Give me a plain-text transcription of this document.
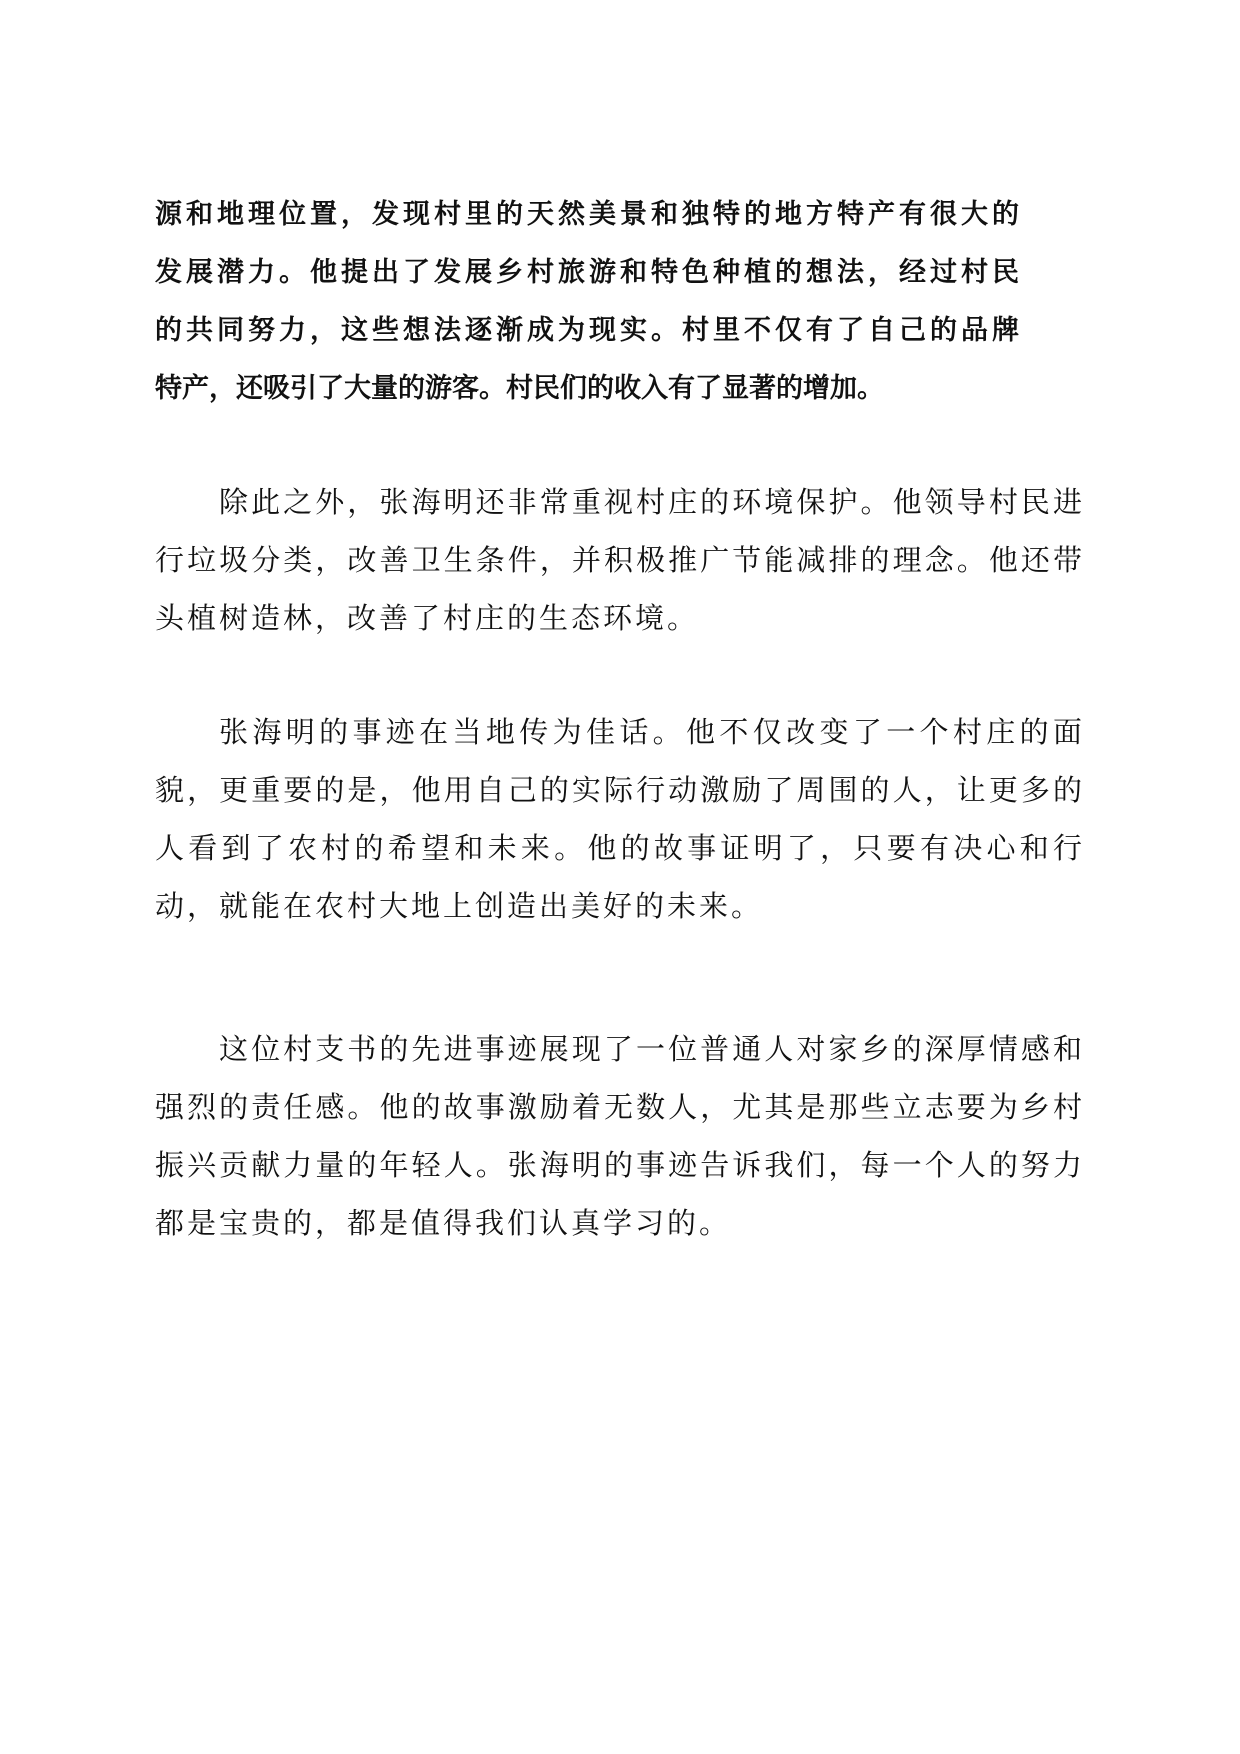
源和地理位置，发现村里的天然美景和独特的地方特产有很大的
发展潜力。他提出了发展乡村旅游和特色种植的想法，经过村民
的共同努力，这些想法逐渐成为现实。村里不仅有了自己的品牌
特产，还吸引了大量的游客。村民们的收入有了显著的增加。

除此之外，张海明还非常重视村庄的环境保护。他领导村民进行垃圾分类，改善卫生条件，并积极推广节能减排的理念。他还带头植树造林，改善了村庄的生态环境。

张海明的事迹在当地传为佳话。他不仅改变了一个村庄的面貌，更重要的是，他用自己的实际行动激励了周围的人，让更多的人看到了农村的希望和未来。他的故事证明了，只要有决心和行动，就能在农村大地上创造出美好的未来。

这位村支书的先进事迹展现了一位普通人对家乡的深厚情感和强烈的责任感。他的故事激励着无数人，尤其是那些立志要为乡村振兴贡献力量的年轻人。张海明的事迹告诉我们，每一个人的努力都是宝贵的，都是值得我们认真学习的。
